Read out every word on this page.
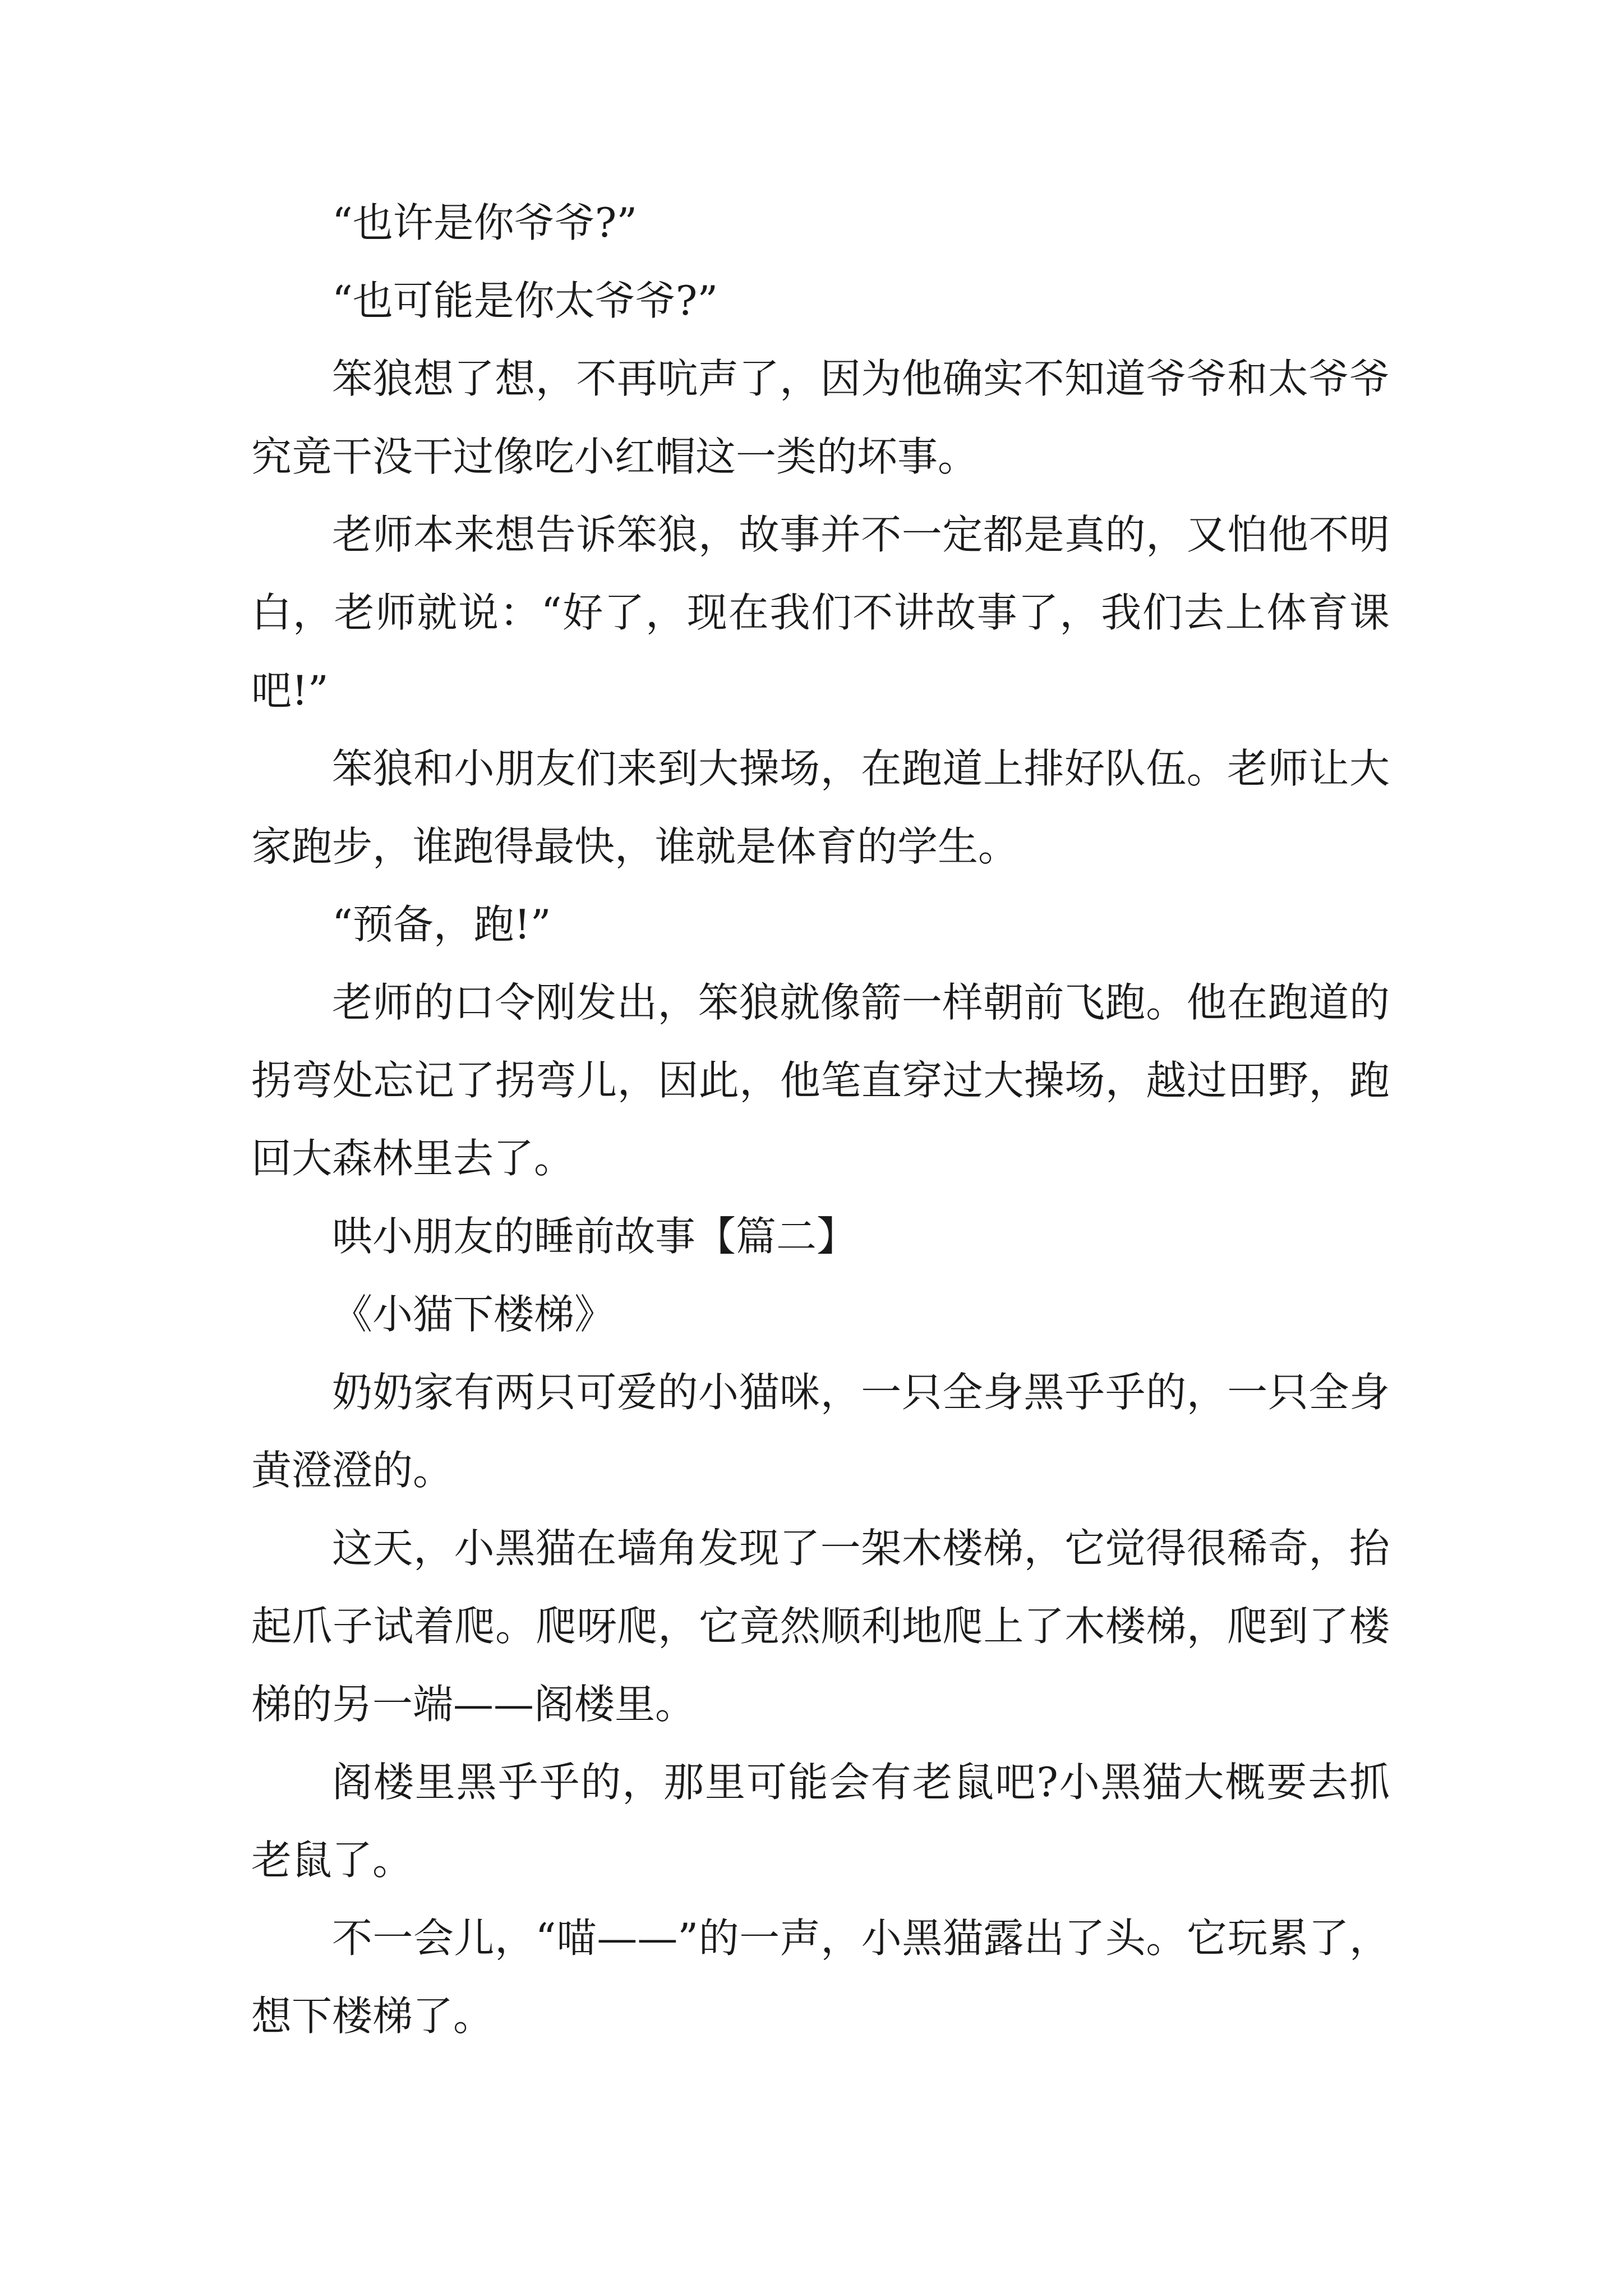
“也许是你爷爷?”

“也可能是你太爷爷?”

笨狼想了想，不再吭声了，因为他确实不知道爷爷和太爷爷究竟干没干过像吃小红帽这一类的坏事。

老师本来想告诉笨狼，故事并不一定都是真的，又怕他不明白，老师就说：“好了，现在我们不讲故事了，我们去上体育课吧!”

笨狼和小朋友们来到大操场，在跑道上排好队伍。老师让大家跑步，谁跑得最快，谁就是体育的学生。

“预备，跑!”

老师的口令刚发出，笨狼就像箭一样朝前飞跑。他在跑道的拐弯处忘记了拐弯儿，因此，他笔直穿过大操场，越过田野，跑回大森林里去了。

哄小朋友的睡前故事【篇二】

《小猫下楼梯》

奶奶家有两只可爱的小猫咪，一只全身黑乎乎的，一只全身黄澄澄的。

这天，小黑猫在墙角发现了一架木楼梯，它觉得很稀奇，抬起爪子试着爬。爬呀爬，它竟然顺利地爬上了木楼梯，爬到了楼梯的另一端——阁楼里。

阁楼里黑乎乎的，那里可能会有老鼠吧?小黑猫大概要去抓老鼠了。

不一会儿，“喵——”的一声，小黑猫露出了头。它玩累了，想下楼梯了。
